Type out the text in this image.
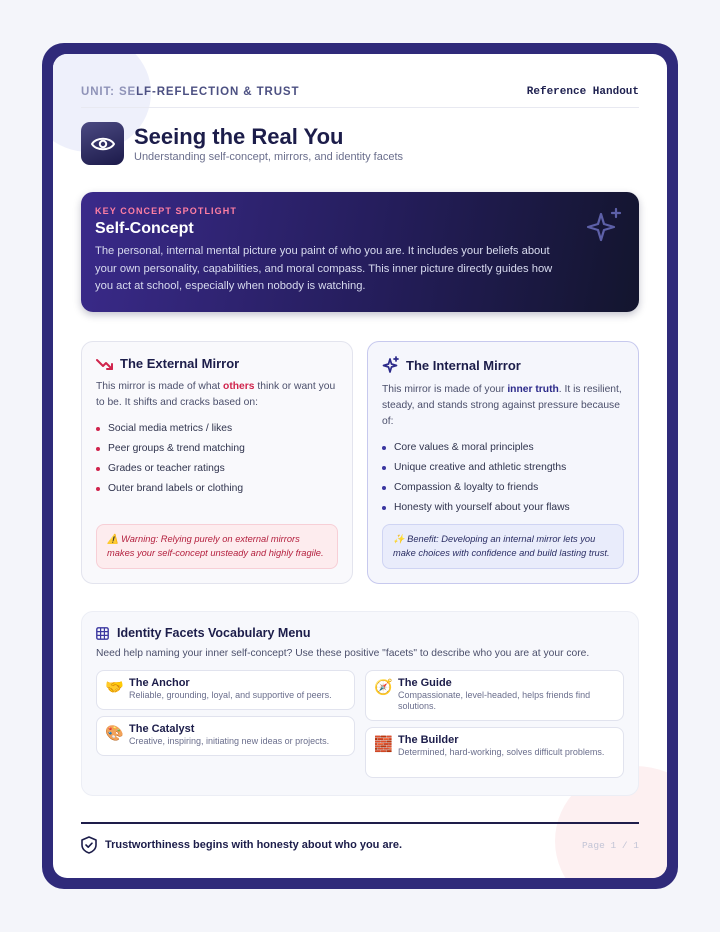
UNIT: SELF-REFLECTION & TRUST	Reference Handout
Seeing the Real You
Understanding self-concept, mirrors, and identity facets
KEY CONCEPT SPOTLIGHT
Self-Concept
The personal, internal mental picture you paint of who you are. It includes your beliefs about your own personality, capabilities, and moral compass. This inner picture directly guides how you act at school, especially when nobody is watching.
The External Mirror
This mirror is made of what others think or want you to be. It shifts and cracks based on:
Social media metrics / likes
Peer groups & trend matching
Grades or teacher ratings
Outer brand labels or clothing
⚠️ Warning: Relying purely on external mirrors makes your self-concept unsteady and highly fragile.
The Internal Mirror
This mirror is made of your inner truth. It is resilient, steady, and stands strong against pressure because of:
Core values & moral principles
Unique creative and athletic strengths
Compassion & loyalty to friends
Honesty with yourself about your flaws
✨ Benefit: Developing an internal mirror lets you make choices with confidence and build lasting trust.
Identity Facets Vocabulary Menu
Need help naming your inner self-concept? Use these positive "facets" to describe who you are at your core.
🤝 The Anchor
Reliable, grounding, loyal, and supportive of peers.
🎨 The Catalyst
Creative, inspiring, initiating new ideas or projects.
🧭 The Guide
Compassionate, level-headed, helps friends find solutions.
🧱 The Builder
Determined, hard-working, solves difficult problems.
Trustworthiness begins with honesty about who you are.	Page 1 / 1
